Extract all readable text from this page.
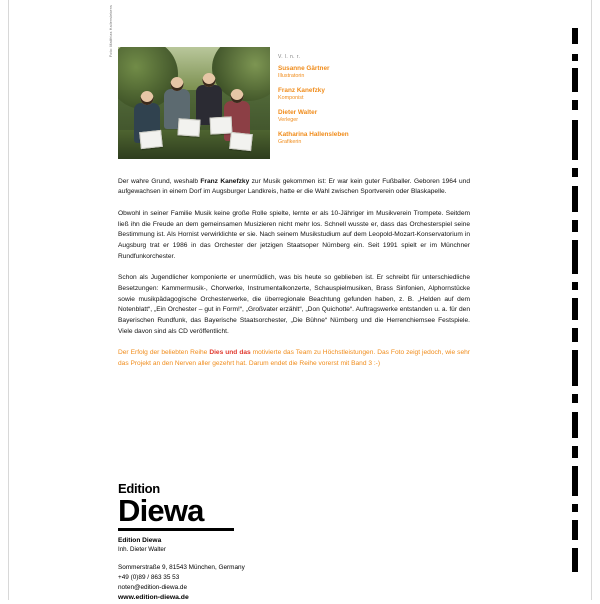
Foto: Matthias Hailenslebens	V. l. n. r.
Susanne Gärtner
Illustratorin
Franz Kanefzky
Komponist
Dieter Walter
Verleger
Katharina Hallensleben
Grafikerin

Der wahre Grund, weshalb Franz Kanefzky zur Musik gekommen ist: Er war kein guter Fußballer. Geboren 1964 und aufgewachsen in einem Dorf im Augsburger Landkreis, hatte er die Wahl zwischen Sportverein oder Blaskapelle.

Obwohl in seiner Familie Musik keine große Rolle spielte, lernte er als 10-Jähriger im Musikverein Trompete. Seitdem ließ ihn die Freude an dem gemeinsamen Musizieren nicht mehr los. Schnell wusste er, dass das Orchesterspiel seine Bestimmung ist. Als Hornist verwirklichte er sie. Nach seinem Musikstudium auf dem Leopold-Mozart-Konservatorium in Augsburg trat er 1986 in das Orchester der jetzigen Staatsoper Nürnberg ein. Seit 1991 spielt er im Münchner Rundfunkorchester.

Schon als Jugendlicher komponierte er unermüdlich, was bis heute so geblieben ist. Er schreibt für unterschiedliche Besetzungen: Kammermusik-, Chorwerke, Instrumentalkonzerte, Schauspielmusiken, Brass Sinfonien, Alphornstücke sowie musikpädagogische Orchesterwerke, die überregionale Beachtung gefunden haben, z. B. „Helden auf dem Notenblatt“, „Ein Orchester – gut in Form!“, „Großvater erzählt“, „Don Quichotte“. Auftragswerke entstanden u. a. für den Bayerischen Rundfunk, das Bayerische Staatsorchester, „Die Bühne“ Nürnberg und die Herrenchiemsee Festspiele. Viele davon sind als CD veröffentlicht.

Der Erfolg der beliebten Reihe Dies und das motivierte das Team zu Höchstleistungen. Das Foto zeigt jedoch, wie sehr das Projekt an den Nerven aller gezehrt hat. Darum endet die Reihe vorerst mit Band 3 :-)

Edition
Diewa
Edition Diewa
Inh. Dieter Walter
Sommerstraße 9, 81543 München, Germany
+49 (0)89 / 863 35 53
noten@edition-diewa.de
www.edition-diewa.de
